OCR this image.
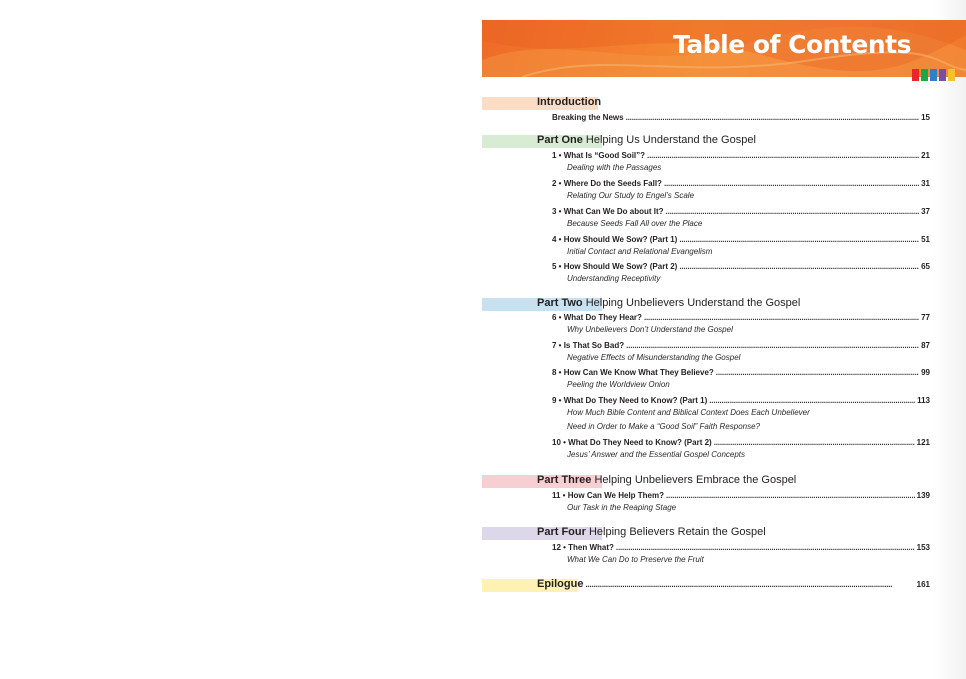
Table of Contents
Introduction
Breaking the News . . .	15
Part One Helping Us Understand the Gospel
1 • What Is “Good Soil”? . . .	21
Dealing with the Passages
2 • Where Do the Seeds Fall? . . .	31
Relating Our Study to Engel’s Scale
3 • What Can We Do about It? . . .	37
Because Seeds Fall All over the Place
4 • How Should We Sow? (Part 1) . . .	51
Initial Contact and Relational Evangelism
5 • How Should We Sow? (Part 2) . . .	65
Understanding Receptivity
Part Two Helping Unbelievers Understand the Gospel
6 • What Do They Hear? . . .	77
Why Unbelievers Don’t Understand the Gospel
7 • Is That So Bad? . . .	87
Negative Effects of Misunderstanding the Gospel
8 • How Can We Know What They Believe? . . .	99
Peeling the Worldview Onion
9 • What Do They Need to Know? (Part 1) . . .	113
How Much Bible Content and Biblical Context Does Each Unbeliever
Need in Order to Make a “Good Soil” Faith Response?
10 • What Do They Need to Know? (Part 2) . . .	121
Jesus’ Answer and the Essential Gospel Concepts
Part Three Helping Unbelievers Embrace the Gospel
11 • How Can We Help Them? . . .	139
Our Task in the Reaping Stage
Part Four Helping Believers Retain the Gospel
12 • Then What? . . .	153
What We Can Do to Preserve the Fruit
Epilogue . . .	161
